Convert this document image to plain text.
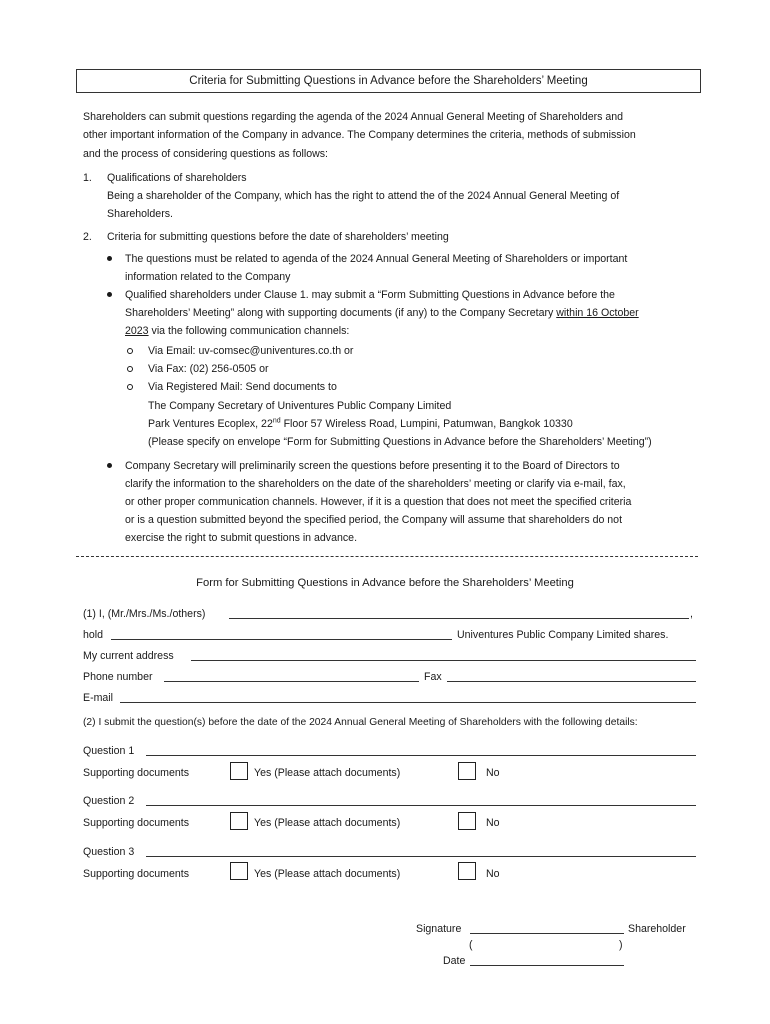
Criteria for Submitting Questions in Advance before the Shareholders’ Meeting
Shareholders can submit questions regarding the agenda of the 2024 Annual General Meeting of Shareholders and
other important information of the Company in advance. The Company determines the criteria, methods of submission
and the process of considering questions as follows:
1. Qualifications of shareholders
Being a shareholder of the Company, which has the right to attend the of the 2024 Annual General Meeting of
Shareholders.
2. Criteria for submitting questions before the date of shareholders’ meeting
The questions must be related to agenda of the 2024 Annual General Meeting of Shareholders or important
information related to the Company
Qualified shareholders under Clause 1. may submit a “Form Submitting Questions in Advance before the
Shareholders’ Meeting” along with supporting documents (if any) to the Company Secretary within 16 October
2023 via the following communication channels:
Via Email: uv-comsec@univentures.co.th or
Via Fax: (02) 256-0505 or
Via Registered Mail: Send documents to
The Company Secretary of Univentures Public Company Limited
Park Ventures Ecoplex, 22nd Floor 57 Wireless Road, Lumpini, Patumwan, Bangkok 10330
(Please specify on envelope “Form for Submitting Questions in Advance before the Shareholders’ Meeting”)
Company Secretary will preliminarily screen the questions before presenting it to the Board of Directors to
clarify the information to the shareholders on the date of the shareholders’ meeting or clarify via e-mail, fax,
or other proper communication channels. However, if it is a question that does not meet the specified criteria
or is a question submitted beyond the specified period, the Company will assume that shareholders do not
exercise the right to submit questions in advance.
Form for Submitting Questions in Advance before the Shareholders’ Meeting
(1) I, (Mr./Mrs./Ms./others)	,
hold	Univentures Public Company Limited shares.
My current address
Phone number	Fax
E-mail
(2) I submit the question(s) before the date of the 2024 Annual General Meeting of Shareholders with the following details:
Question 1
Supporting documents	Yes (Please attach documents)	No
Question 2
Supporting documents	Yes (Please attach documents)	No
Question 3
Supporting documents	Yes (Please attach documents)	No
Signature	Shareholder
(	)
Date
